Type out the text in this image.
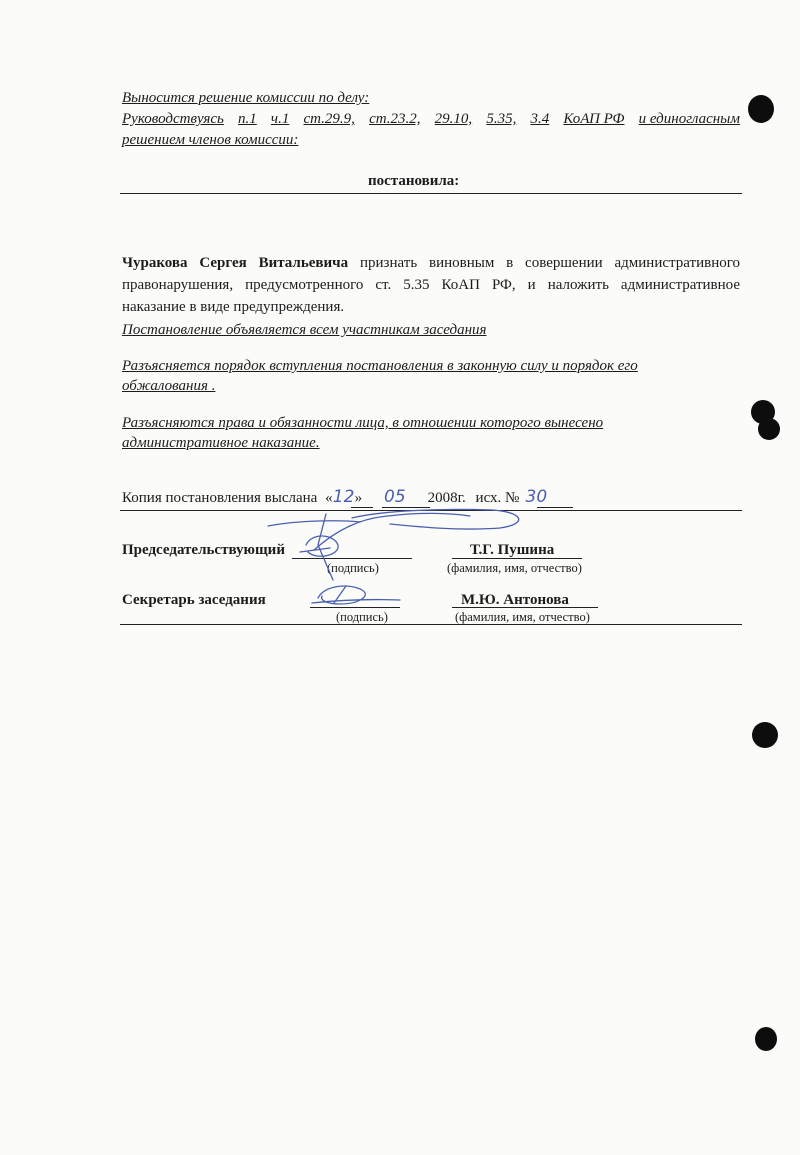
Выносится решение комиссии по делу:
Руководствуясь п.1 ч.1 ст.29.9, ст.23.2, 29.10, 5.35, 3.4 КоАП РФ и единогласным
решением членов комиссии:
постановила:
Чуракова Сергея Витальевича признать виновным в совершении административного
правонарушения, предусмотренного ст. 5.35 КоАП РФ, и наложить административное
наказание в виде предупреждения.
Постановление объявляется всем участникам заседания
Разъясняется порядок вступления постановления в законную силу и порядок его
обжалования .
Разъясняются права и обязанности лица, в отношении которого вынесено
административное наказание.
Копия постановления выслана «12» 05 2008г. исх. № 30
Председательствующий
(подпись)
Т.Г. Пушина
(фамилия, имя, отчество)
Секретарь заседания
(подпись)
М.Ю. Антонова
(фамилия, имя, отчество)
